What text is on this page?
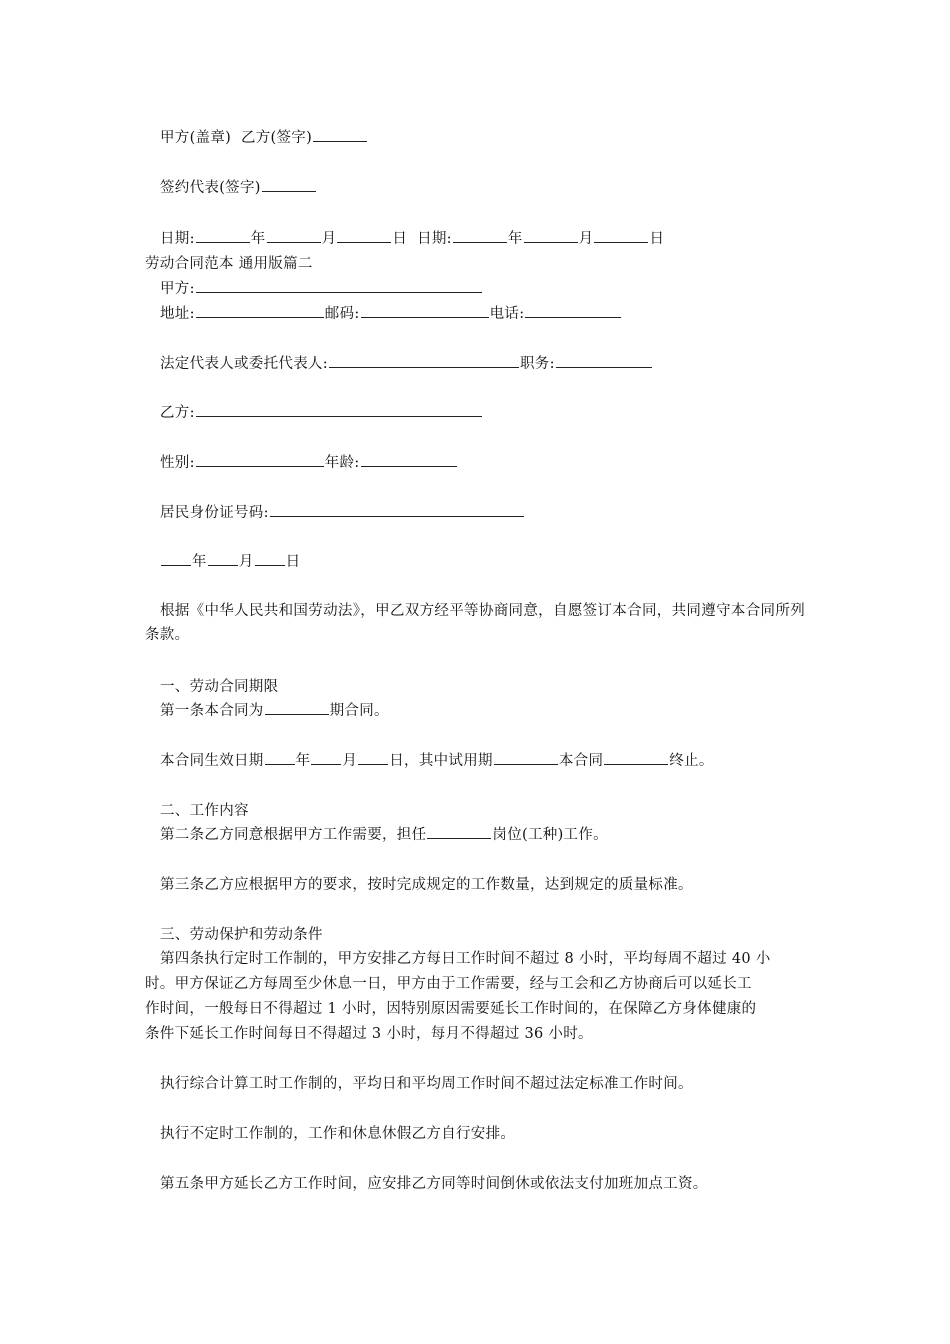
甲方(盖章) 乙方(签字)
签约代表(签字)
日期:	年	月	日 日期:	年	月	日
劳动合同范本 通用版篇二
甲方:
地址:	邮码:	电话:
法定代表人或委托代表人:	职务:
乙方:
性别:	年龄:
居民身份证号码:
年 月 日
根据《中华人民共和国劳动法》，甲乙双方经平等协商同意，自愿签订本合同，共同遵守本合同所列条款。
一、劳动合同期限
第一条本合同为	期合同。
本合同生效日期 年 月 日，其中试用期	本合同	终止。
二、工作内容
第二条乙方同意根据甲方工作需要，担任	岗位(工种)工作。
第三条乙方应根据甲方的要求，按时完成规定的工作数量，达到规定的质量标准。
三、劳动保护和劳动条件
第四条执行定时工作制的，甲方安排乙方每日工作时间不超过 8 小时，平均每周不超过 40 小
时。甲方保证乙方每周至少休息一日，甲方由于工作需要，经与工会和乙方协商后可以延长工
作时间，一般每日不得超过 1 小时，因特别原因需要延长工作时间的，在保障乙方身体健康的
条件下延长工作时间每日不得超过 3 小时，每月不得超过 36 小时。
执行综合计算工时工作制的，平均日和平均周工作时间不超过法定标准工作时间。
执行不定时工作制的，工作和休息休假乙方自行安排。
第五条甲方延长乙方工作时间，应安排乙方同等时间倒休或依法支付加班加点工资。
